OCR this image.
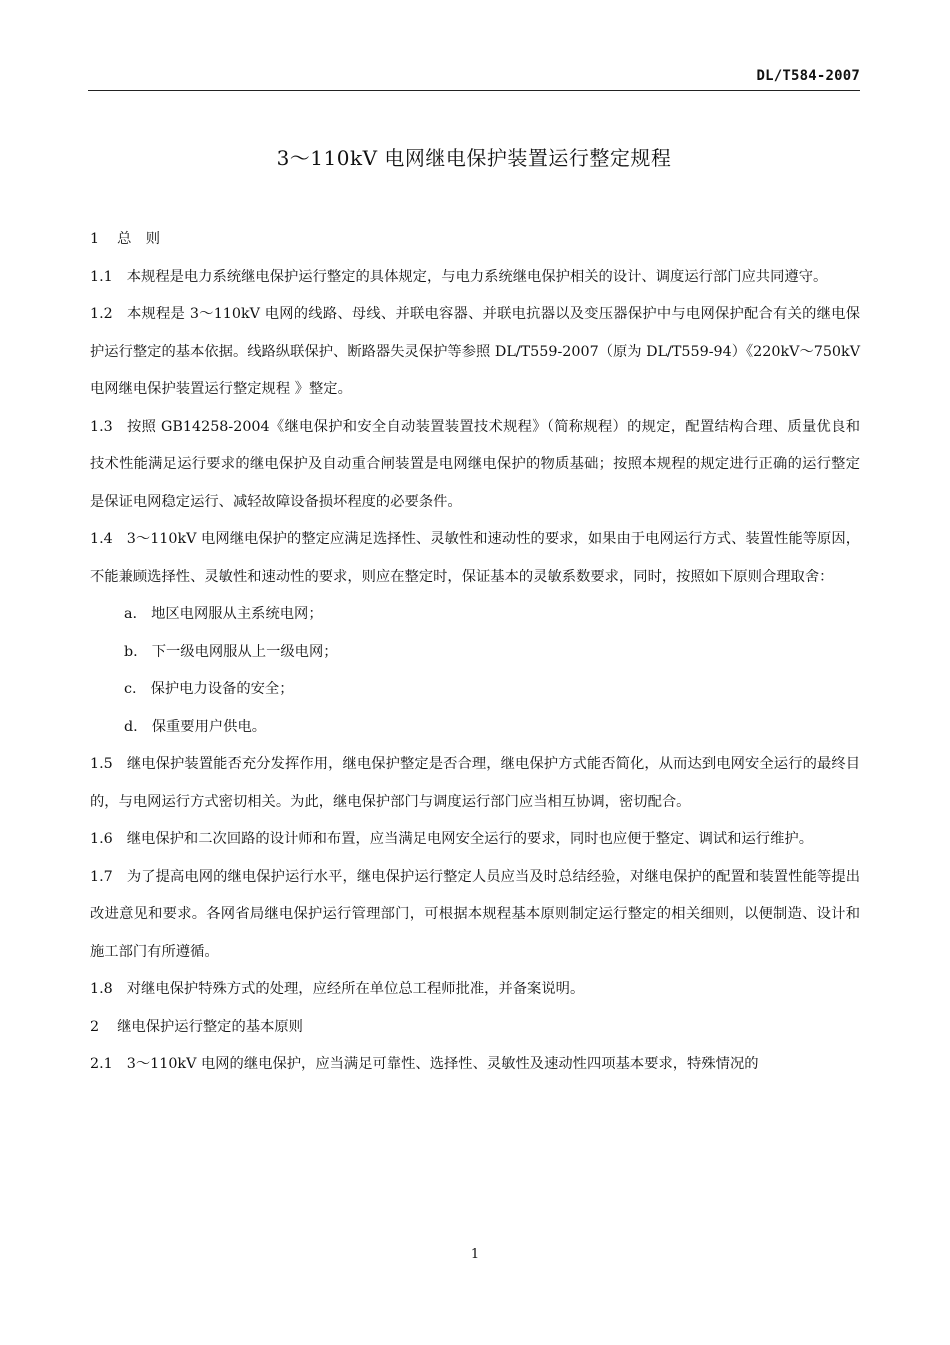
DL/T584-2007
3～110kV 电网继电保护装置运行整定规程

1 总　则

1.1 本规程是电力系统继电保护运行整定的具体规定，与电力系统继电保护相关的设计、调度运行部门应共同遵守。

1.2 本规程是 3～110kV 电网的线路、母线、并联电容器、并联电抗器以及变压器保护中与电网保护配合有关的继电保护运行整定的基本依据。线路纵联保护、断路器失灵保护等参照 DL/T559-2007（原为 DL/T559-94）《220kV～750kV 电网继电保护装置运行整定规程 》整定。

1.3 按照 GB14258-2004《继电保护和安全自动装置装置技术规程》（简称规程）的规定，配置结构合理、质量优良和技术性能满足运行要求的继电保护及自动重合闸装置是电网继电保护的物质基础；按照本规程的规定进行正确的运行整定是保证电网稳定运行、减轻故障设备损坏程度的必要条件。

1.4 3～110kV 电网继电保护的整定应满足选择性、灵敏性和速动性的要求，如果由于电网运行方式、装置性能等原因，不能兼顾选择性、灵敏性和速动性的要求，则应在整定时，保证基本的灵敏系数要求，同时，按照如下原则合理取舍：

a. 地区电网服从主系统电网；

b. 下一级电网服从上一级电网；

c. 保护电力设备的安全；

d. 保重要用户供电。

1.5 继电保护装置能否充分发挥作用，继电保护整定是否合理，继电保护方式能否简化，从而达到电网安全运行的最终目的，与电网运行方式密切相关。为此，继电保护部门与调度运行部门应当相互协调，密切配合。

1.6 继电保护和二次回路的设计师和布置，应当满足电网安全运行的要求，同时也应便于整定、调试和运行维护。

1.7 为了提高电网的继电保护运行水平，继电保护运行整定人员应当及时总结经验，对继电保护的配置和装置性能等提出改进意见和要求。各网省局继电保护运行管理部门，可根据本规程基本原则制定运行整定的相关细则，以便制造、设计和施工部门有所遵循。

1.8 对继电保护特殊方式的处理，应经所在单位总工程师批准，并备案说明。

2 继电保护运行整定的基本原则

2.1 3～110kV 电网的继电保护，应当满足可靠性、选择性、灵敏性及速动性四项基本要求，特殊情况的

1
